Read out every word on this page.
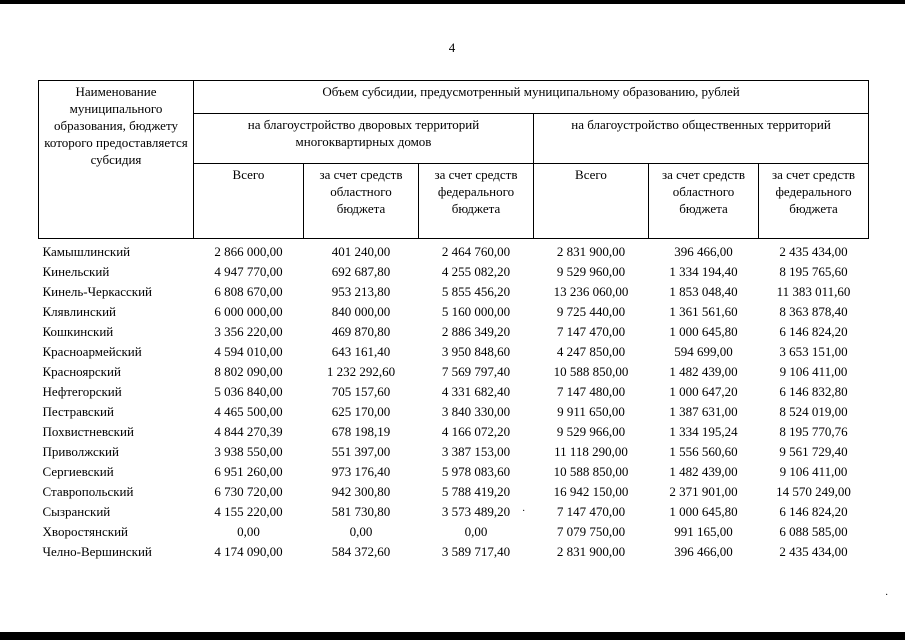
4
Наименование муниципального образования, бюджету которого предоставляется субсидия	Объем субсидии, предусмотренный муниципальному образованию, рублей					
	на благоустройство дворовых территорий многоквартирных домов			на благоустройство общественных территорий		
	Всего	за счет средств областного бюджета	за счет средств федерального бюджета	Всего	за счет средств областного бюджета	за счет средств федерального бюджета
Камышлинский	2 866 000,00	401 240,00	2 464 760,00	2 831 900,00	396 466,00	2 435 434,00
Кинельский	4 947 770,00	692 687,80	4 255 082,20	9 529 960,00	1 334 194,40	8 195 765,60
Кинель-Черкасский	6 808 670,00	953 213,80	5 855 456,20	13 236 060,00	1 853 048,40	11 383 011,60
Клявлинский	6 000 000,00	840 000,00	5 160 000,00	9 725 440,00	1 361 561,60	8 363 878,40
Кошкинский	3 356 220,00	469 870,80	2 886 349,20	7 147 470,00	1 000 645,80	6 146 824,20
Красноармейский	4 594 010,00	643 161,40	3 950 848,60	4 247 850,00	594 699,00	3 653 151,00
Красноярский	8 802 090,00	1 232 292,60	7 569 797,40	10 588 850,00	1 482 439,00	9 106 411,00
Нефтегорский	5 036 840,00	705 157,60	4 331 682,40	7 147 480,00	1 000 647,20	6 146 832,80
Пестравский	4 465 500,00	625 170,00	3 840 330,00	9 911 650,00	1 387 631,00	8 524 019,00
Похвистневский	4 844 270,39	678 198,19	4 166 072,20	9 529 966,00	1 334 195,24	8 195 770,76
Приволжский	3 938 550,00	551 397,00	3 387 153,00	11 118 290,00	1 556 560,60	9 561 729,40
Сергиевский	6 951 260,00	973 176,40	5 978 083,60	10 588 850,00	1 482 439,00	9 106 411,00
Ставропольский	6 730 720,00	942 300,80	5 788 419,20	16 942 150,00	2 371 901,00	14 570 249,00
Сызранский	4 155 220,00	581 730,80	3 573 489,20	7 147 470,00	1 000 645,80	6 146 824,20
Хворостянский	0,00	0,00	0,00	7 079 750,00	991 165,00	6 088 585,00
Челно-Вершинский	4 174 090,00	584 372,60	3 589 717,40	2 831 900,00	396 466,00	2 435 434,00
·
·
